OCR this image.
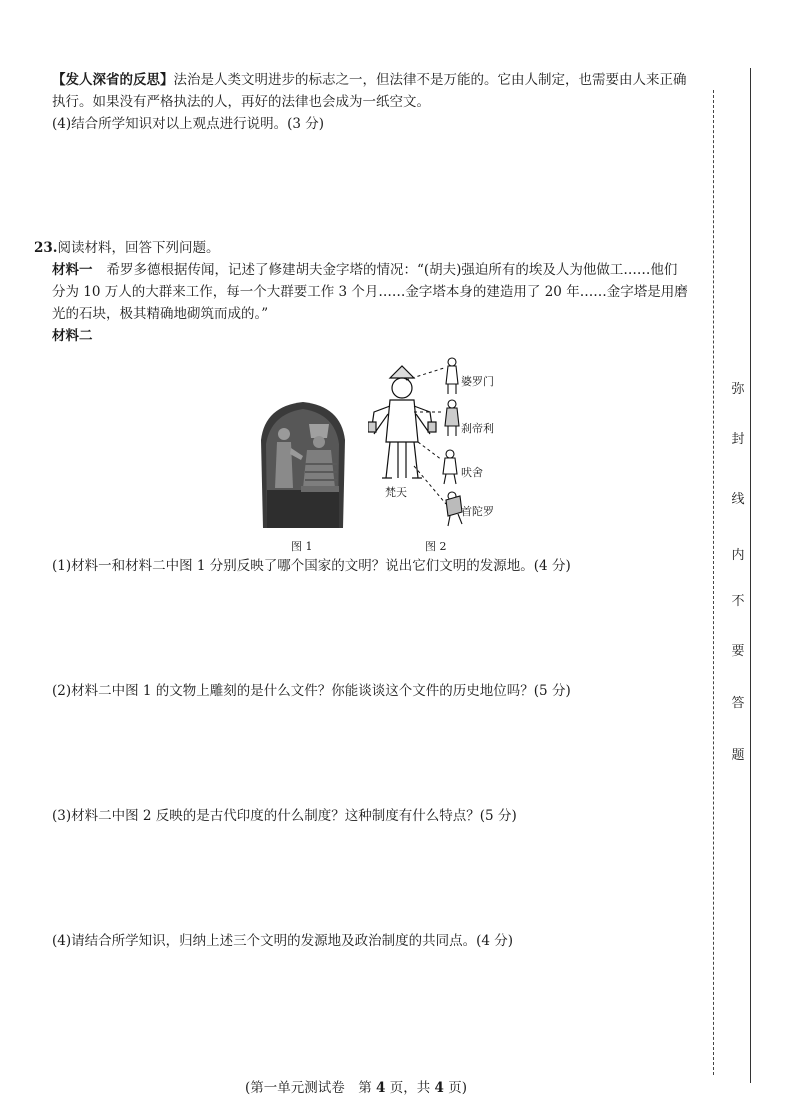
【发人深省的反思】法治是人类文明进步的标志之一，但法律不是万能的。它由人制定，也需要由人来正确
执行。如果没有严格执法的人，再好的法律也会成为一纸空文。
(4)结合所学知识对以上观点进行说明。(3 分)
23.阅读材料，回答下列问题。
材料一 希罗多德根据传闻，记述了修建胡夫金字塔的情况：“(胡夫)强迫所有的埃及人为他做工……他们
分为 10 万人的大群来工作，每一个大群要工作 3 个月……金字塔本身的建造用了 20 年……金字塔是用磨
光的石块，极其精确地砌筑而成的。”
材料二
婆罗门
刹帝利
吠舍
首陀罗
梵天
图 1	图 2
(1)材料一和材料二中图 1 分别反映了哪个国家的文明？说出它们文明的发源地。(4 分)
(2)材料二中图 1 的文物上雕刻的是什么文件？你能谈谈这个文件的历史地位吗？(5 分)
(3)材料二中图 2 反映的是古代印度的什么制度？这种制度有什么特点？(5 分)
(4)请结合所学知识，归纳上述三个文明的发源地及政治制度的共同点。(4 分)
弥
封
线
内
不
要
答
题
(第一单元测试卷　第 4 页，共 4 页)
